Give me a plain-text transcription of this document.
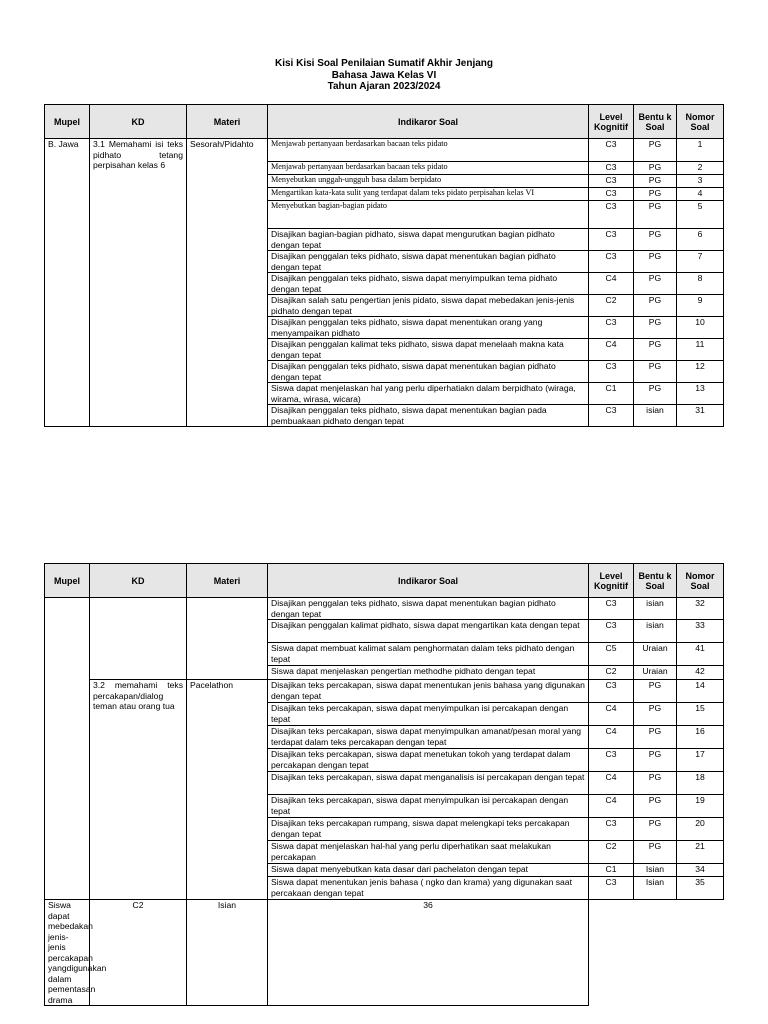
Kisi Kisi Soal Penilaian Sumatif Akhir Jenjang
Bahasa Jawa Kelas VI
Tahun Ajaran 2023/2024
Mupel	KD	Materi	Indikaror Soal	Level Kognitif	Bentu k Soal	Nomor Soal
B. Jawa	3.1 Memahami isi teks pidhato tetang perpisahan kelas 6	Sesorah/Pidahto	Menjawab pertanyaan berdasarkan bacaan teks pidato	C3	PG	1
			Menjawab pertanyaan berdasarkan bacaan teks pidato	C3	PG	2
			Menyebutkan unggah-ungguh basa dalam berpidato	C3	PG	3
			Mengartikan kata-kata sulit yang terdapat dalam teks pidato perpisahan kelas VI	C3	PG	4
			Menyebutkan bagian-bagian pidato	C3	PG	5
			Disajikan bagian-bagian pidhato, siswa dapat mengurutkan bagian pidhato dengan tepat	C3	PG	6
			Disajikan penggalan teks pidhato, siswa dapat menentukan bagian pidhato dengan tepat	C3	PG	7
			Disajikan penggalan teks pidhato, siswa dapat menyimpulkan tema pidhato dengan tepat	C4	PG	8
			Disajikan salah satu pengertian jenis pidato, siswa dapat mebedakan jenis-jenis pidhato dengan tepat	C2	PG	9
			Disajikan penggalan teks pidhato, siswa dapat menentukan orang yang menyampaikan pidhato	C3	PG	10
			Disajikan penggalan kalimat teks pidhato, siswa dapat menelaah makna kata dengan tepat	C4	PG	11
			Disajikan penggalan teks pidhato, siswa dapat menentukan bagian pidhato dengan tepat	C3	PG	12
			Siswa dapat menjelaskan hal yang perlu diperhatiakn dalam berpidhato (wiraga, wirama, wirasa, wicara)	C1	PG	13
			Disajikan penggalan teks pidhato, siswa dapat menentukan bagian pada pembuakaan pidhato dengan tepat	C3	isian	31
Mupel	KD	Materi	Indikaror Soal	Level Kognitif	Bentu k Soal	Nomor Soal
			Disajikan penggalan teks pidhato, siswa dapat menentukan bagian pidhato dengan tepat	C3	isian	32
			Disajikan penggalan kalimat pidhato, siswa dapat mengartikan kata dengan tepat	C3	isian	33
			Siswa dapat membuat kalimat salam penghormatan dalam teks pidhato dengan tepat	C5	Uraian	41
			Siswa dapat menjelaskan pengertian methodhe pidhato dengan tepat	C2	Uraian	42
	3.2 memahami teks percakapan/dialog teman atau orang tua	Pacelathon	Disajikan teks percakapan, siswa dapat menentukan jenis bahasa yang digunakan dengan tepat	C3	PG	14
			Disajikan teks percakapan, siswa dapat menyimpulkan isi percakapan dengan tepat	C4	PG	15
			Disajikan teks percakapan, siswa dapat menyimpulkan amanat/pesan moral yang terdapat dalam teks percakapan dengan tepat	C4	PG	16
			Disajikan teks percakapan, siswa dapat menetukan tokoh yang terdapat dalam percakapan dengan tepat	C3	PG	17
			Disajikan teks percakapan, siswa dapat menganalisis isi percakapan dengan tepat	C4	PG	18
			Disajikan teks percakapan, siswa dapat menyimpulkan isi percakapan dengan tepat	C4	PG	19
			Disajikan teks percakapan rumpang, siswa dapat melengkapi teks percakapan dengan tepat	C3	PG	20
			Siswa dapat menjelaskan hal-hal yang perlu diperhatikan saat melakukan percakapan	C2	PG	21
			Siswa dapat menyebutkan kata dasar dari pachelaton dengan tepat	C1	Isian	34
			Siswa dapat menentukan jenis bahasa ( ngko dan krama) yang digunakan saat percakaan dengan tepat	C3	Isian	35
Siswa dapat mebedakan jenis-jenis percakapan yangdigunakan dalam pementasan drama	C2	Isian	36			
